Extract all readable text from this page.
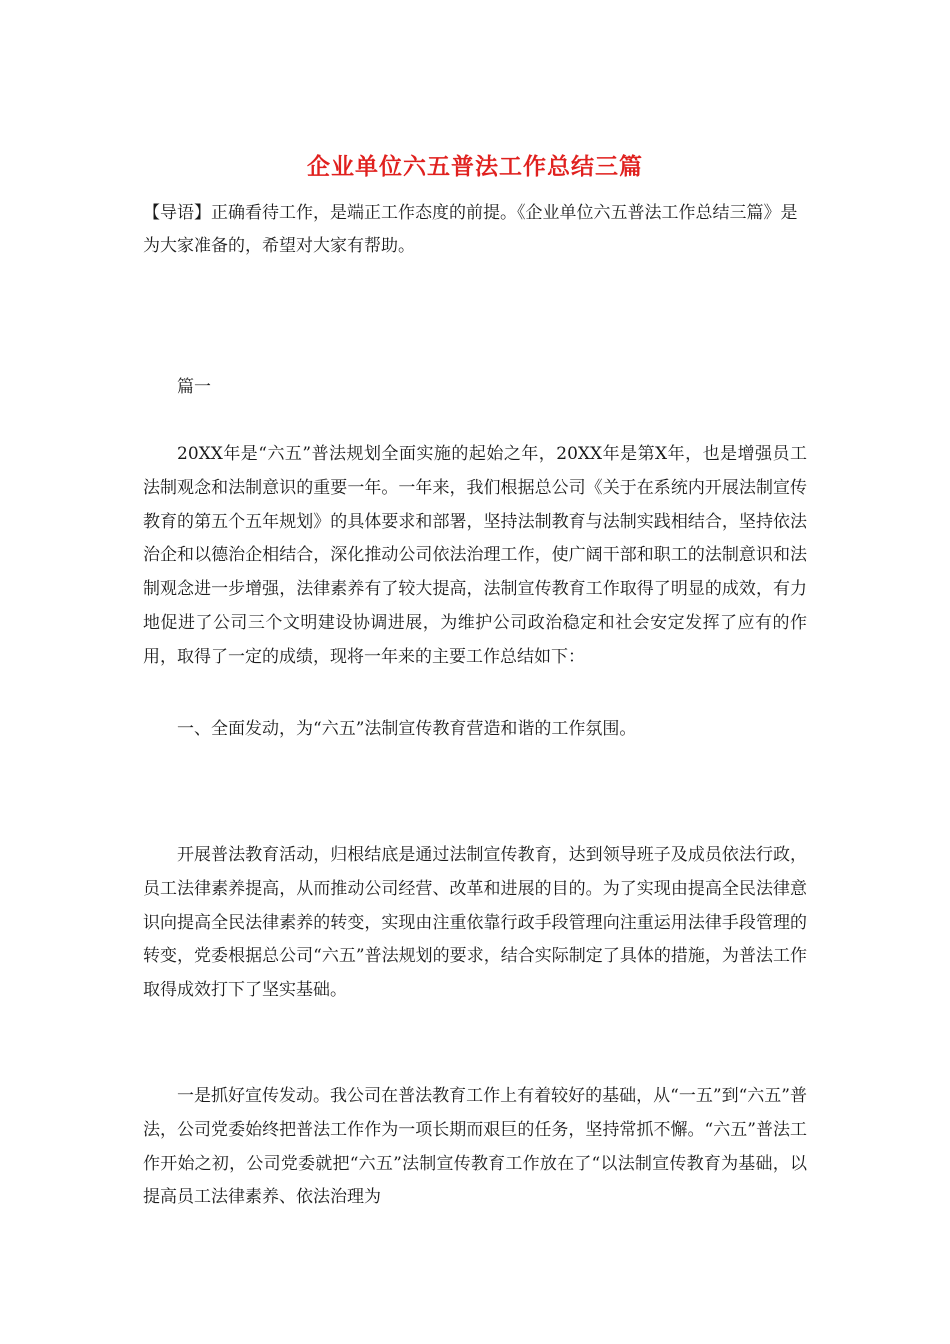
企业单位六五普法工作总结三篇

【导语】正确看待工作，是端正工作态度的前提。《企业单位六五普法工作总结三篇》是为大家准备的，希望对大家有帮助。

篇一

20XX年是“六五”普法规划全面实施的起始之年，20XX年是第X年，也是增强员工法制观念和法制意识的重要一年。一年来，我们根据总公司《关于在系统内开展法制宣传教育的第五个五年规划》的具体要求和部署，坚持法制教育与法制实践相结合，坚持依法治企和以德治企相结合，深化推动公司依法治理工作，使广阔干部和职工的法制意识和法制观念进一步增强，法律素养有了较大提高，法制宣传教育工作取得了明显的成效，有力地促进了公司三个文明建设协调进展，为维护公司政治稳定和社会安定发挥了应有的作用，取得了一定的成绩，现将一年来的主要工作总结如下：

一、全面发动，为“六五”法制宣传教育营造和谐的工作氛围。

开展普法教育活动，归根结底是通过法制宣传教育，达到领导班子及成员依法行政，员工法律素养提高，从而推动公司经营、改革和进展的目的。为了实现由提高全民法律意识向提高全民法律素养的转变，实现由注重依靠行政手段管理向注重运用法律手段管理的转变，党委根据总公司“六五”普法规划的要求，结合实际制定了具体的措施，为普法工作取得成效打下了坚实基础。

一是抓好宣传发动。我公司在普法教育工作上有着较好的基础，从“一五”到“六五”普法，公司党委始终把普法工作作为一项长期而艰巨的任务，坚持常抓不懈。“六五”普法工作开始之初，公司党委就把“六五”法制宣传教育工作放在了“以法制宣传教育为基础，以提高员工法律素养、依法治理为
